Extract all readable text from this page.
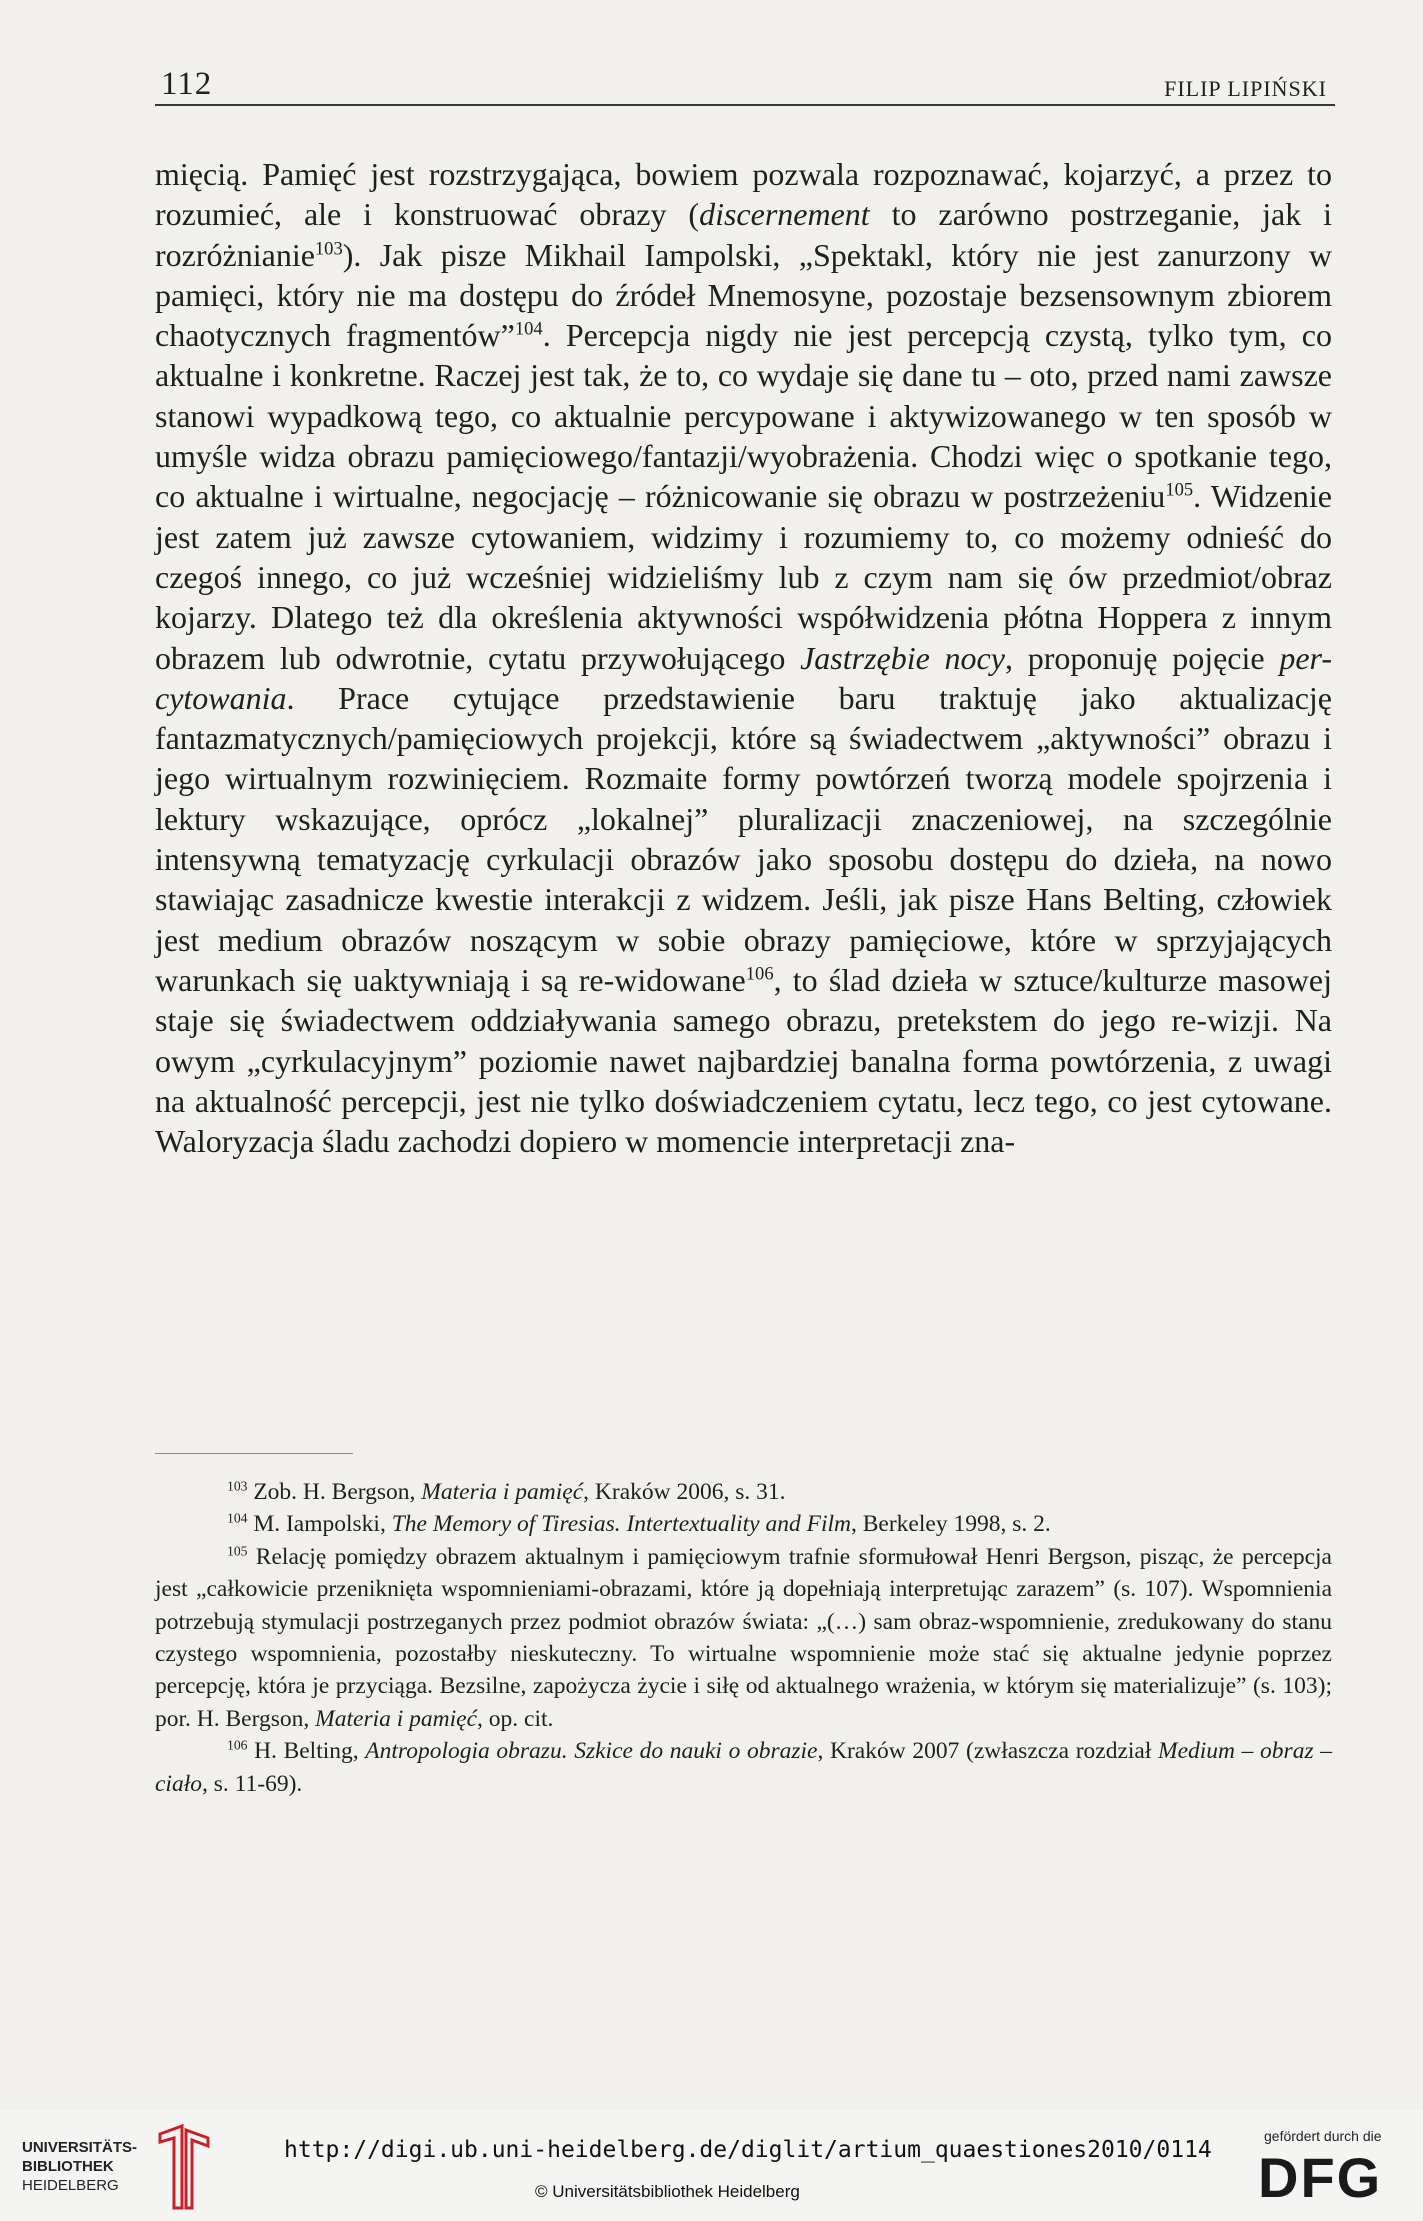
112	FILIP LIPIŃSKI
mięcią. Pamięć jest rozstrzygająca, bowiem pozwala rozpoznawać, kojarzyć, a przez to rozumieć, ale i konstruować obrazy (discernement to zarówno postrzeganie, jak i rozróżnianie$^{103}$). Jak pisze Mikhail Iampolski, „Spektakl, który nie jest zanurzony w pamięci, który nie ma dostępu do źródeł Mnemosyne, pozostaje bezsensownym zbiorem chaotycznych fragmentów”$^{104}$. Percepcja nigdy nie jest percepcją czystą, tylko tym, co aktualne i konkretne. Raczej jest tak, że to, co wydaje się dane tu – oto, przed nami zawsze stanowi wypadkową tego, co aktualnie percypowane i aktywizowanego w ten sposób w umyśle widza obrazu pamięciowego/fantazji/wyobrażenia. Chodzi więc o spotkanie tego, co aktualne i wirtualne, negocjację – różnicowanie się obrazu w postrzeżeniu$^{105}$. Widzenie jest zatem już zawsze cytowaniem, widzimy i rozumiemy to, co możemy odnieść do czegoś innego, co już wcześniej widzieliśmy lub z czym nam się ów przedmiot/obraz kojarzy. Dlatego też dla określenia aktywności współwidzenia płótna Hoppera z innym obrazem lub odwrotnie, cytatu przywołującego Jastrzębie nocy, proponuję pojęcie per-cytowania. Prace cytujące przedstawienie baru traktuję jako aktualizację fantazmatycznych/pamięciowych projekcji, które są świadectwem „aktywności” obrazu i jego wirtualnym rozwinięciem. Rozmaite formy powtórzeń tworzą modele spojrzenia i lektury wskazujące, oprócz „lokalnej” pluralizacji znaczeniowej, na szczególnie intensywną tematyzację cyrkulacji obrazów jako sposobu dostępu do dzieła, na nowo stawiając zasadnicze kwestie interakcji z widzem. Jeśli, jak pisze Hans Belting, człowiek jest medium obrazów noszącym w sobie obrazy pamięciowe, które w sprzyjających warunkach się uaktywniają i są re-widowane$^{106}$, to ślad dzieła w sztuce/kulturze masowej staje się świadectwem oddziaływania samego obrazu, pretekstem do jego re-wizji. Na owym „cyrkulacyjnym” poziomie nawet najbardziej banalna forma powtórzenia, z uwagi na aktualność percepcji, jest nie tylko doświadczeniem cytatu, lecz tego, co jest cytowane. Waloryzacja śladu zachodzi dopiero w momencie interpretacji zna-

$^{103}$ Zob. H. Bergson, Materia i pamięć, Kraków 2006, s. 31.

$^{104}$ M. Iampolski, The Memory of Tiresias. Intertextuality and Film, Berkeley 1998, s. 2.

$^{105}$ Relację pomiędzy obrazem aktualnym i pamięciowym trafnie sformułował Henri Bergson, pisząc, że percepcja jest „całkowicie przeniknięta wspomnieniami-obrazami, które ją dopełniają interpretując zarazem” (s. 107). Wspomnienia potrzebują stymulacji postrzeganych przez podmiot obrazów świata: „(…) sam obraz-wspomnienie, zredukowany do stanu czystego wspomnienia, pozostałby nieskuteczny. To wirtualne wspomnienie może stać się aktualne jedynie poprzez percepcję, która je przyciąga. Bezsilne, zapożycza życie i siłę od aktualnego wrażenia, w którym się materializuje” (s. 103); por. H. Bergson, Materia i pamięć, op. cit.

$^{106}$ H. Belting, Antropologia obrazu. Szkice do nauki o obrazie, Kraków 2007 (zwłaszcza rozdział Medium – obraz – ciało, s. 11-69).

UNIVERSITÄTS-
BIBLIOTHEK
HEIDELBERG
http://digi.ub.uni-heidelberg.de/diglit/artium_quaestiones2010/0114
© Universitätsbibliothek Heidelberg
gefördert durch die
DFG
